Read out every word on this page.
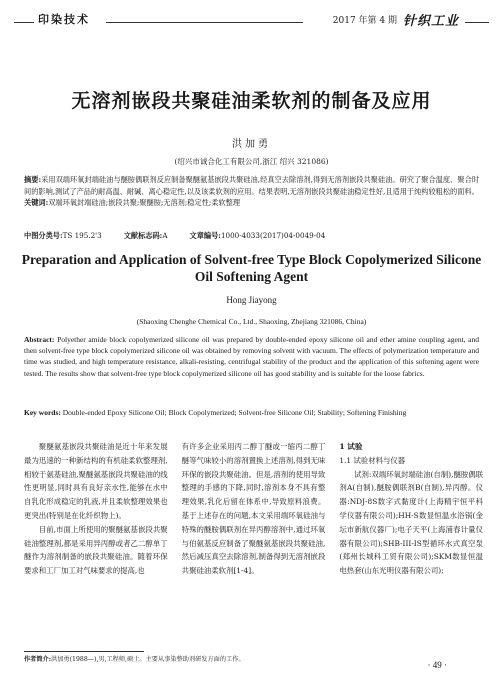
印染技术	2017 年第 4 期 针织工业
无溶剂嵌段共聚硅油柔软剂的制备及应用
洪加勇
(绍兴市诚合化工有限公司,浙江 绍兴 321086)
摘要:采用双端环氧封端硅油与醚胺偶联剂反应制备聚醚氨基嵌段共聚硅油,经真空去除溶剂,得到无溶剂嵌段共聚硅油。研究了聚合温度、聚合时间的影响,测试了产品的耐高温、耐碱、离心稳定性,以及该柔软剂的应用。结果表明,无溶剂嵌段共聚硅油稳定性好,且适用于纯构较粗松的面料。
关键词:双端环氧封端硅油;嵌段共聚;聚醚胺;无溶剂;稳定性;柔软整理
中图分类号:TS 195.2'3	文献标志码:A	文章编号:1000-4033(2017)04-0049-04
Preparation and Application of Solvent-free Type Block Copolymerized Silicone Oil Softening Agent
Hong Jiayong
(Shaoxing Chenghe Chemical Co., Ltd., Shaoxing, Zhejiang 321086, China)
Abstract: Polyether amide block copolymerized silicone oil was prepared by double-ended epoxy silicone oil and ether amine coupling agent, and then solvent-free type block copolymerized silicone oil was obtained by removing solvent with vacuum. The effects of polymerization temperature and time was studied, and high temperature resistance, alkali-resisting, centrifugal stability of the product and the application of this softening agent were tested. The results show that solvent-free type block copolymerized silicone oil has good stability and is suitable for the loose fabrics.
Key words: Double-ended Epoxy Silicone Oil; Block Copolymerized; Solvent-free Silicone Oil; Stability; Softening Finishing

聚醚氨基嵌段共聚硅油是近十年来发展最为迅速的一种新结构的有机硅柔软整理剂,相较于氨基硅油,聚醚氨基嵌段共聚硅油的线性更明显,同时具有良好亲水性,能够在水中自乳化形成稳定的乳液,并且柔软整理效果也更突出(特别是在化纤织物上)。

目前,市面上所使用的聚醚氨基嵌段共聚硅油整理剂,都是采用异丙醇或者乙二醇单丁醚作为溶剂制备的嵌段共聚硅油。随着环保要求和工厂加工对气味要求的提高,也

有许多企业采用丙二醇丁醚或一缩丙二醇丁醚等气味较小的溶剂置换上述溶剂,得到无味环保的嵌段共聚硅油。但是,溶剂的使用导致整理的手感的下降,同时,溶剂本身不具有整理效果,乳化后留在体系中,导致原料浪费。基于上述存在的问题,本文采用端环氧硅油与特殊的醚胺偶联剂在异丙醇溶剂中,通过环氧与伯氨基反应制备了聚醚氨基嵌段共聚硅油,然后减压真空去除溶剂,制备得到无溶剂嵌段共聚硅油柔软剂[1-4]。

1 试验
1.1 试验材料与仪器

试剂:双端环氧封端硅油(自制),醚胺偶联剂A(自制),醚胺偶联剂B(自制),异丙醇。仪器:NDJ-8S数字式黏度计(上海精宇恒平科学仪器有限公司);HH-S数显恒温水浴锅(金坛市新航仪器厂);电子天平(上海浦春计量仪器有限公司);SHB-III-IS型循环水式真空泵(郑州长城科工贸有限公司);SKM数显恒温电热套(山东光明仪器有限公司);

作者简介:洪加勇(1988—),男,工程师,硕士。主要从事染整助剂研发方面的工作。
· 49 ·
